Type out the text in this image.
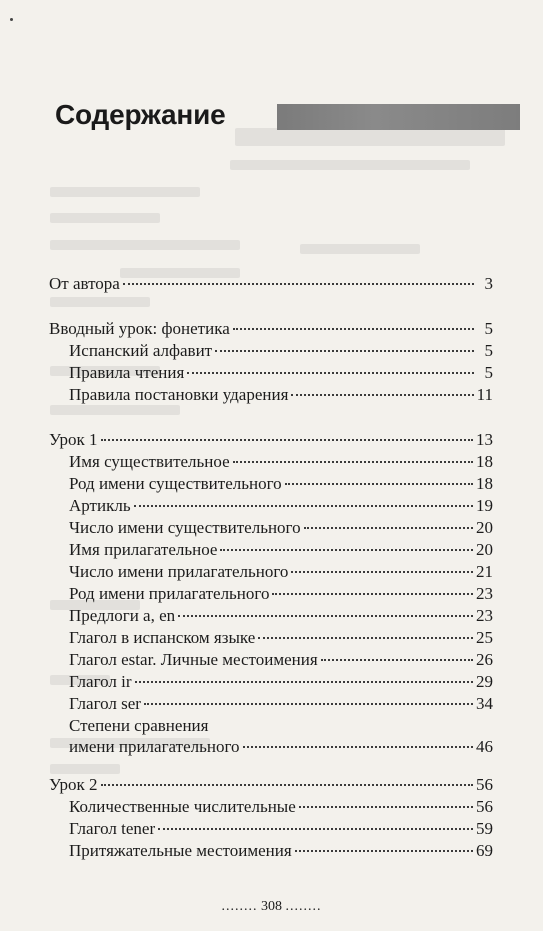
Содержание
От автора	3
Вводный урок: фонетика	5
Испанский алфавит	5
Правила чтения	5
Правила постановки ударения	11
Урок 1	13
Имя существительное	18
Род имени существительного	18
Артикль	19
Число имени существительного	20
Имя прилагательное	20
Число имени прилагательного	21
Род имени прилагательного	23
Предлоги a, en	23
Глагол в испанском языке	25
Глагол estar. Личные местоимения	26
Глагол ir	29
Глагол ser	34
Степени сравнения
имени прилагательного	46
Урок 2	56
Количественные числительные	56
Глагол tener	59
Притяжательные местоимения	69
........ 308 ........
